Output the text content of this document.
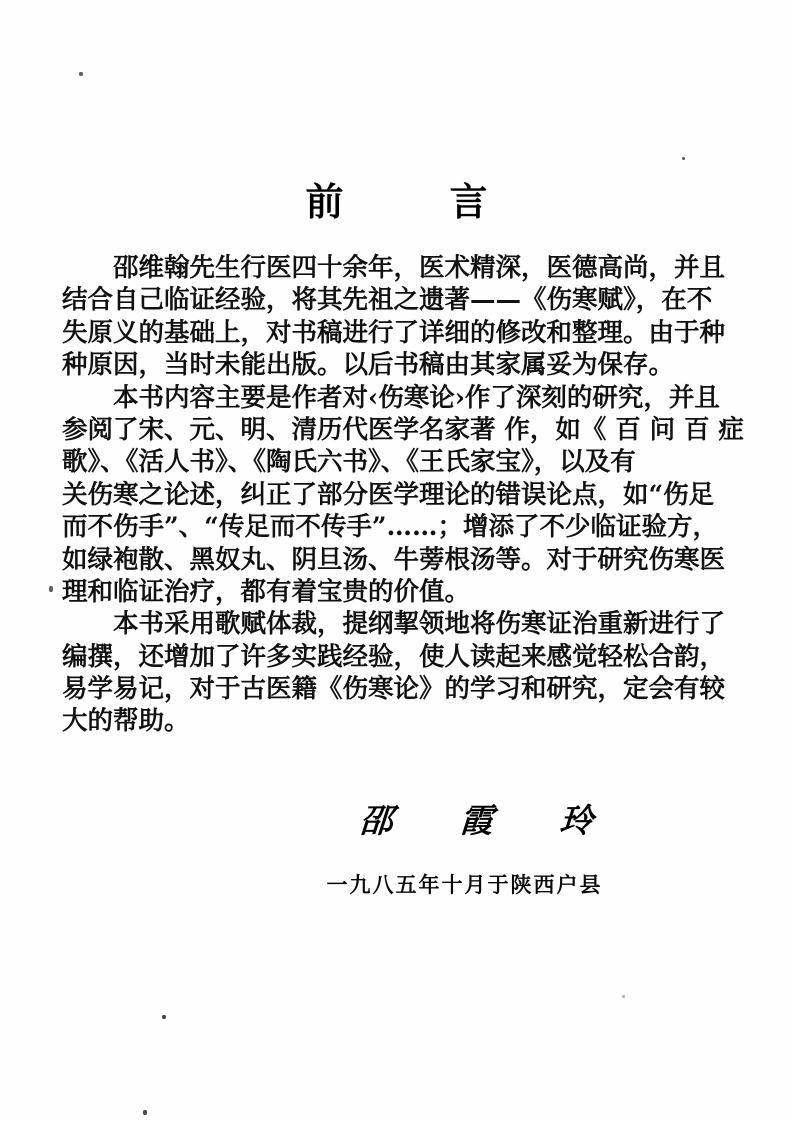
前　言
　　邵维翰先生行医四十余年，医术精深，医德高尚，并且
结合自己临证经验，将其先祖之遗著——《伤寒赋》，在不
失原义的基础上，对书稿进行了详细的修改和整理。由于种
种原因，当时未能出版。以后书稿由其家属妥为保存。
　　本书内容主要是作者对‹伤寒论›作了深刻的研究，并且
参阅了宋、元、明、清历代医学名家著 作，如《 百 问 百 症
歌》、《活人书》、《陶氏六书》、《王氏家宝》，以及有
关伤寒之论述，纠正了部分医学理论的错误论点，如“伤足
而不伤手”、“传足而不传手”……；增添了不少临证验方，
如绿袍散、黑奴丸、阴旦汤、牛蒡根汤等。对于研究伤寒医
理和临证治疗，都有着宝贵的价值。
　　本书采用歌赋体裁，提纲挈领地将伤寒证治重新进行了
编撰，还增加了许多实践经验，使人读起来感觉轻松合韵，
易学易记，对于古医籍《伤寒论》的学习和研究，定会有较
大的帮助。
邵　霞　玲
一九八五年十月于陕西户县
